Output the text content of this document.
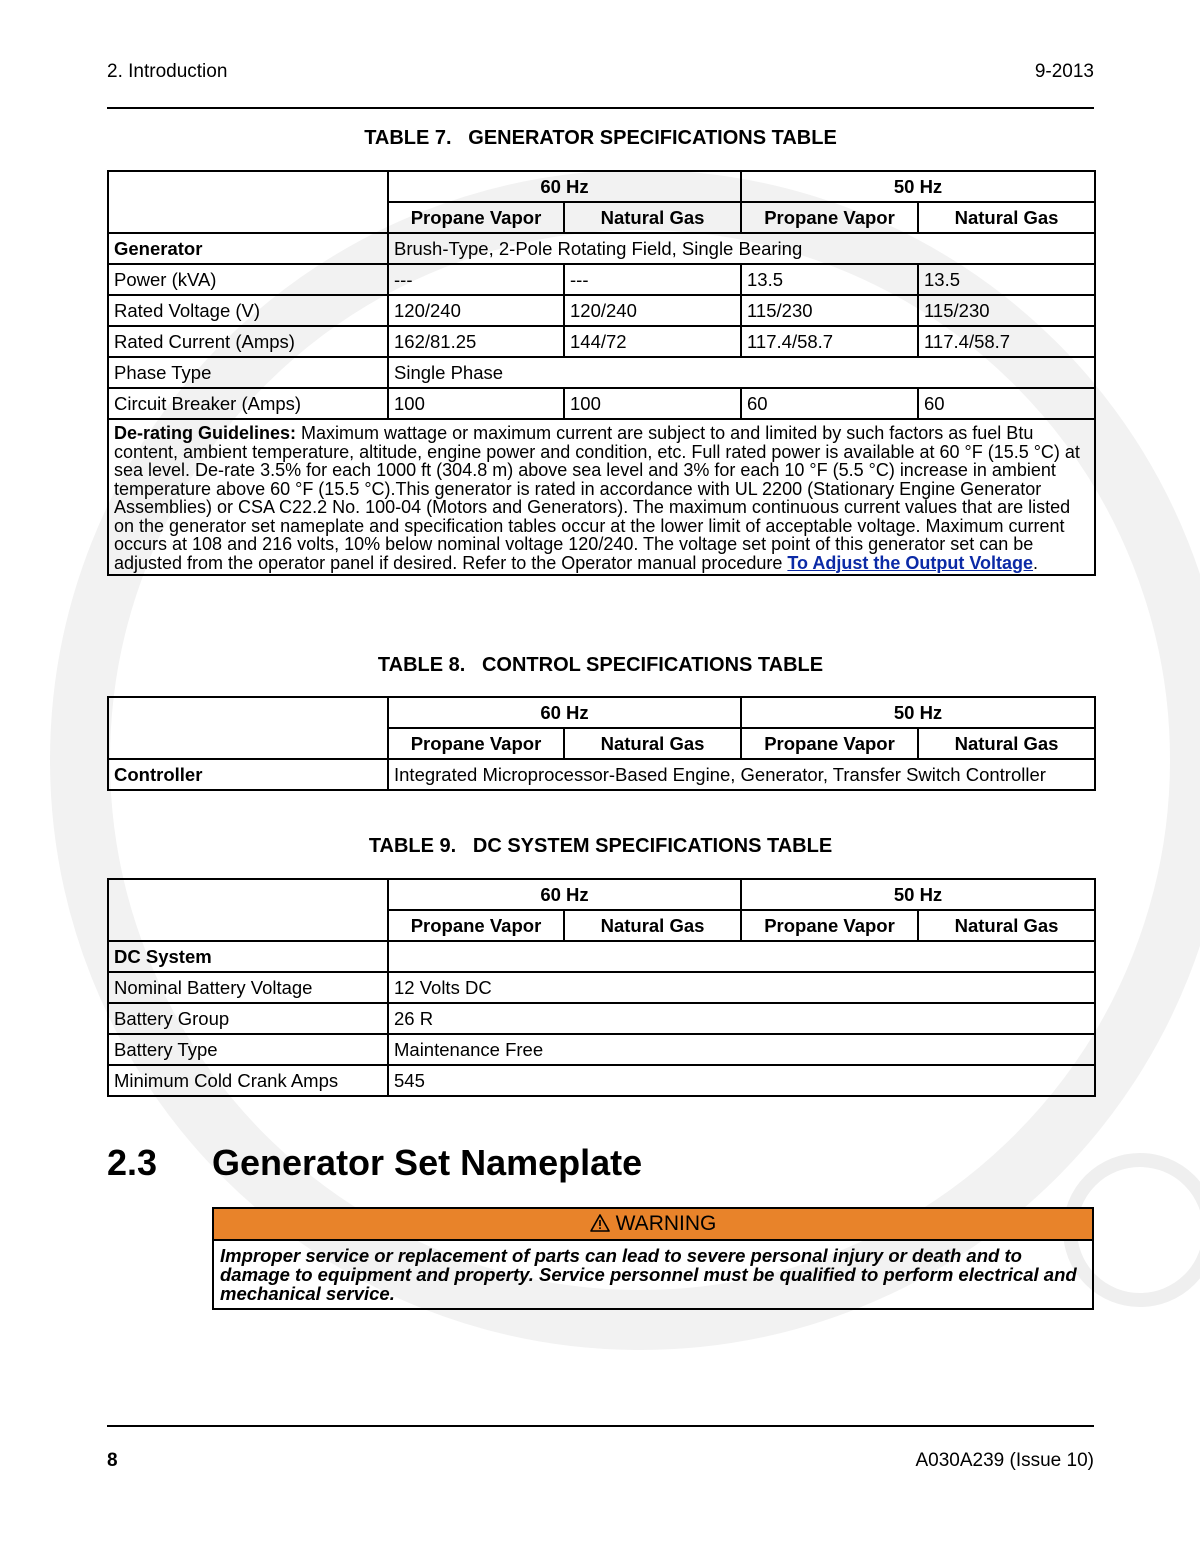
2. Introduction	9-2013
TABLE 7.   GENERATOR SPECIFICATIONS TABLE
	60 Hz		50 Hz	
	Propane Vapor	Natural Gas	Propane Vapor	Natural Gas
Generator	Brush-Type, 2-Pole Rotating Field, Single Bearing			
Power (kVA)	---	---	13.5	13.5
Rated Voltage (V)	120/240	120/240	115/230	115/230
Rated Current (Amps)	162/81.25	144/72	117.4/58.7	117.4/58.7
Phase Type	Single Phase			
Circuit Breaker (Amps)	100	100	60	60
De-rating Guidelines: Maximum wattage or maximum current are subject to and limited by such factors as fuel Btu content, ambient temperature, altitude, engine power and condition, etc. Full rated power is available at 60 °F (15.5 °C) at sea level. De-rate 3.5% for each 1000 ft (304.8 m) above sea level and 3% for each 10 °F (5.5 °C) increase in ambient temperature above 60 °F (15.5 °C).This generator is rated in accordance with UL 2200 (Stationary Engine Generator Assemblies) or CSA C22.2 No. 100-04 (Motors and Generators). The maximum continuous current values that are listed on the generator set nameplate and specification tables occur at the lower limit of acceptable voltage. Maximum current occurs at 108 and 216 volts, 10% below nominal voltage 120/240. The voltage set point of this generator set can be adjusted from the operator panel if desired. Refer to the Operator manual procedure To Adjust the Output Voltage.				
TABLE 8.   CONTROL SPECIFICATIONS TABLE
	60 Hz		50 Hz	
	Propane Vapor	Natural Gas	Propane Vapor	Natural Gas
Controller	Integrated Microprocessor-Based Engine, Generator, Transfer Switch Controller			
TABLE 9.   DC SYSTEM SPECIFICATIONS TABLE
	60 Hz		50 Hz	
	Propane Vapor	Natural Gas	Propane Vapor	Natural Gas
DC System				
Nominal Battery Voltage	12 Volts DC			
Battery Group	26 R			
Battery Type	Maintenance Free			
Minimum Cold Crank Amps	545			
2.3 Generator Set Nameplate
WARNING
Improper service or replacement of parts can lead to severe personal injury or death and to damage to equipment and property. Service personnel must be qualified to perform electrical and mechanical service.
8	A030A239 (Issue 10)
